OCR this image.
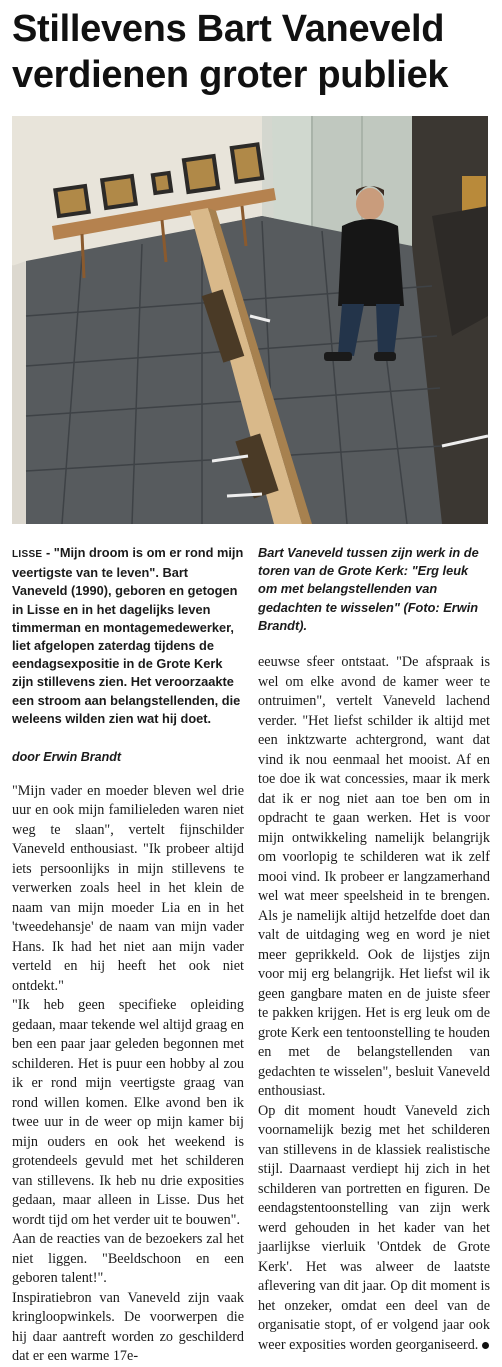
Stillevens Bart Vaneveld
verdienen groter publiek

LISSE - "Mijn droom is om er rond mijn veertigste van te leven". Bart Vaneveld (1990), geboren en getogen in Lisse en in het dagelijks leven timmerman en montagemedewerker, liet afgelopen zaterdag tijdens de eendagsexpositie in de Grote Kerk zijn stillevens zien. Het veroorzaakte een stroom aan belangstellenden, die weleens wilden zien wat hij doet.

door Erwin Brandt

"Mijn vader en moeder bleven wel drie uur en ook mijn familieleden waren niet weg te slaan", vertelt fijnschilder Vaneveld enthousiast. "Ik probeer altijd iets persoonlijks in mijn stillevens te verwerken zoals heel in het klein de naam van mijn moeder Lia en in het 'tweedehansje' de naam van mijn vader Hans. Ik had het niet aan mijn vader verteld en hij heeft het ook niet ontdekt."

"Ik heb geen specifieke opleiding gedaan, maar tekende wel altijd graag en ben een paar jaar geleden begonnen met schilderen. Het is puur een hobby al zou ik er rond mijn veertigste graag van rond willen komen. Elke avond ben ik twee uur in de weer op mijn kamer bij mijn ouders en ook het weekend is grotendeels gevuld met het schilderen van stillevens. Ik heb nu drie exposities gedaan, maar alleen in Lisse. Dus het wordt tijd om het verder uit te bouwen".

Aan de reacties van de bezoekers zal het niet liggen. "Beeldschoon en een geboren talent!".

Inspiratiebron van Vaneveld zijn vaak kringloopwinkels. De voorwerpen die hij daar aantreft worden zo geschilderd dat er een warme 17e-

Bart Vaneveld tussen zijn werk in de toren van de Grote Kerk: "Erg leuk om met belangstellenden van gedachten te wisselen" (Foto: Erwin Brandt).

eeuwse sfeer ontstaat. "De afspraak is wel om elke avond de kamer weer te ontruimen", vertelt Vaneveld lachend verder. "Het liefst schilder ik altijd met een inktzwarte achtergrond, want dat vind ik nou eenmaal het mooist. Af en toe doe ik wat concessies, maar ik merk dat ik er nog niet aan toe ben om in opdracht te gaan werken. Het is voor mijn ontwikkeling namelijk belangrijk om voorlopig te schilderen wat ik zelf mooi vind. Ik probeer er langzamerhand wel wat meer speelsheid in te brengen. Als je namelijk altijd hetzelfde doet dan valt de uitdaging weg en word je niet meer geprikkeld. Ook de lijstjes zijn voor mij erg belangrijk. Het liefst wil ik geen gangbare maten en de juiste sfeer te pakken krijgen. Het is erg leuk om de grote Kerk een tentoonstelling te houden en met de belangstellenden van gedachten te wisselen", besluit Vaneveld enthousiast.

Op dit moment houdt Vaneveld zich voornamelijk bezig met het schilderen van stillevens in de klassiek realistische stijl. Daarnaast verdiept hij zich in het schilderen van portretten en figuren. De eendagstentoonstelling van zijn werk werd gehouden in het kader van het jaarlijkse vierluik 'Ontdek de Grote Kerk'. Het was alweer de laatste aflevering van dit jaar. Op dit moment is het onzeker, omdat een deel van de organisatie stopt, of er volgend jaar ook weer exposities worden georganiseerd.
